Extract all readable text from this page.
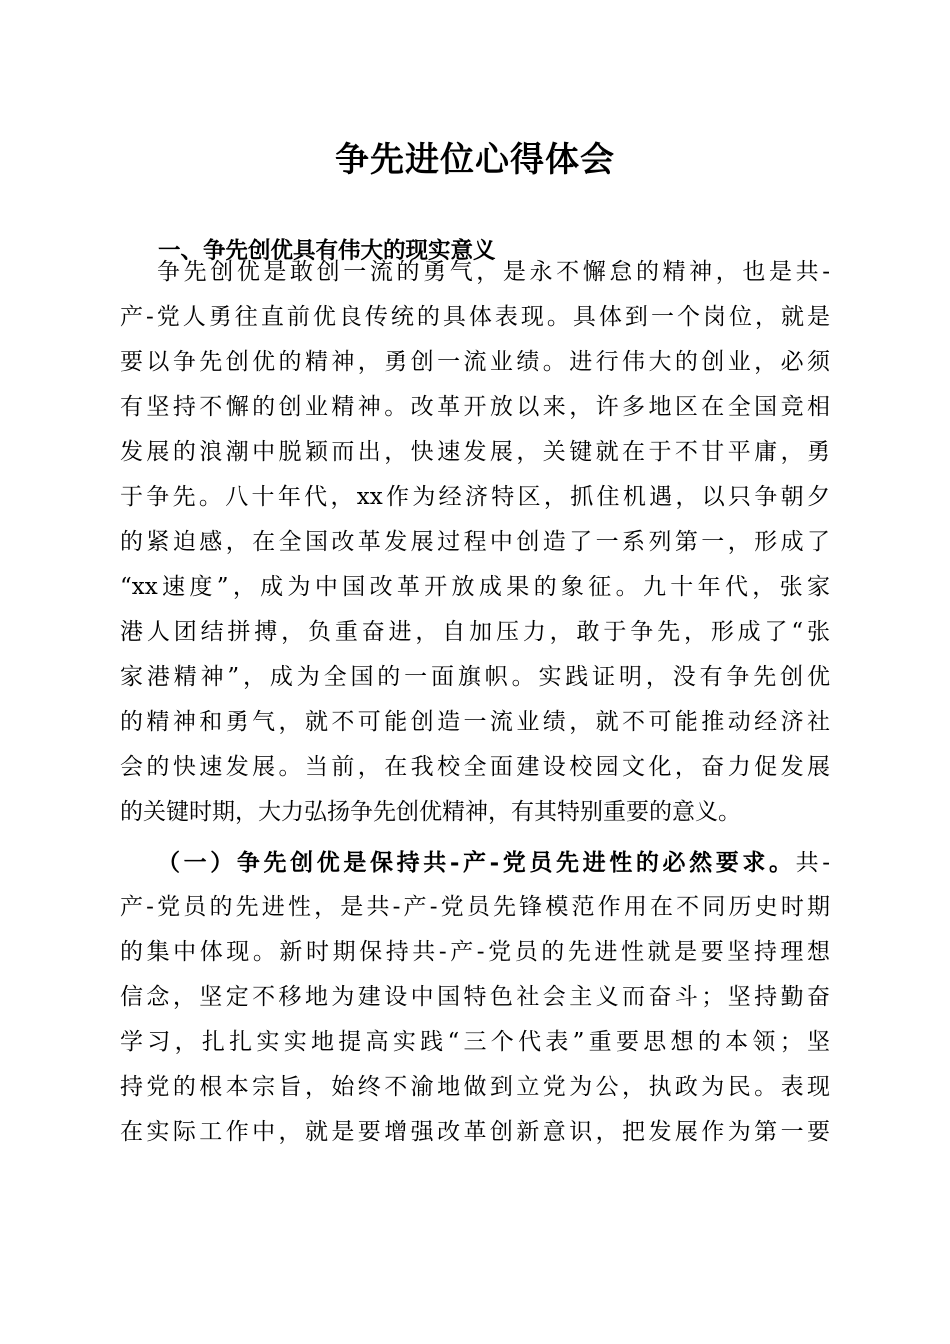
争先进位心得体会
一、争先创优具有伟大的现实意义
争先创优是敢创一流的勇气，是永不懈怠的精神，也是共-
产-党人勇往直前优良传统的具体表现。具体到一个岗位，就是
要以争先创优的精神，勇创一流业绩。进行伟大的创业，必须
有坚持不懈的创业精神。改革开放以来，许多地区在全国竞相
发展的浪潮中脱颖而出，快速发展，关键就在于不甘平庸，勇
于争先。八十年代，xx作为经济特区，抓住机遇，以只争朝夕
的紧迫感，在全国改革发展过程中创造了一系列第一，形成了
“xx速度”，成为中国改革开放成果的象征。九十年代，张家
港人团结拼搏，负重奋进，自加压力，敢于争先，形成了“张
家港精神”，成为全国的一面旗帜。实践证明，没有争先创优
的精神和勇气，就不可能创造一流业绩，就不可能推动经济社
会的快速发展。当前，在我校全面建设校园文化，奋力促发展
的关键时期，大力弘扬争先创优精神，有其特别重要的意义。
（一）争先创优是保持共-产-党员先进性的必然要求。共-
产-党员的先进性，是共-产-党员先锋模范作用在不同历史时期
的集中体现。新时期保持共-产-党员的先进性就是要坚持理想
信念，坚定不移地为建设中国特色社会主义而奋斗；坚持勤奋
学习，扎扎实实地提高实践“三个代表”重要思想的本领；坚
持党的根本宗旨，始终不渝地做到立党为公，执政为民。表现
在实际工作中，就是要增强改革创新意识，把发展作为第一要
